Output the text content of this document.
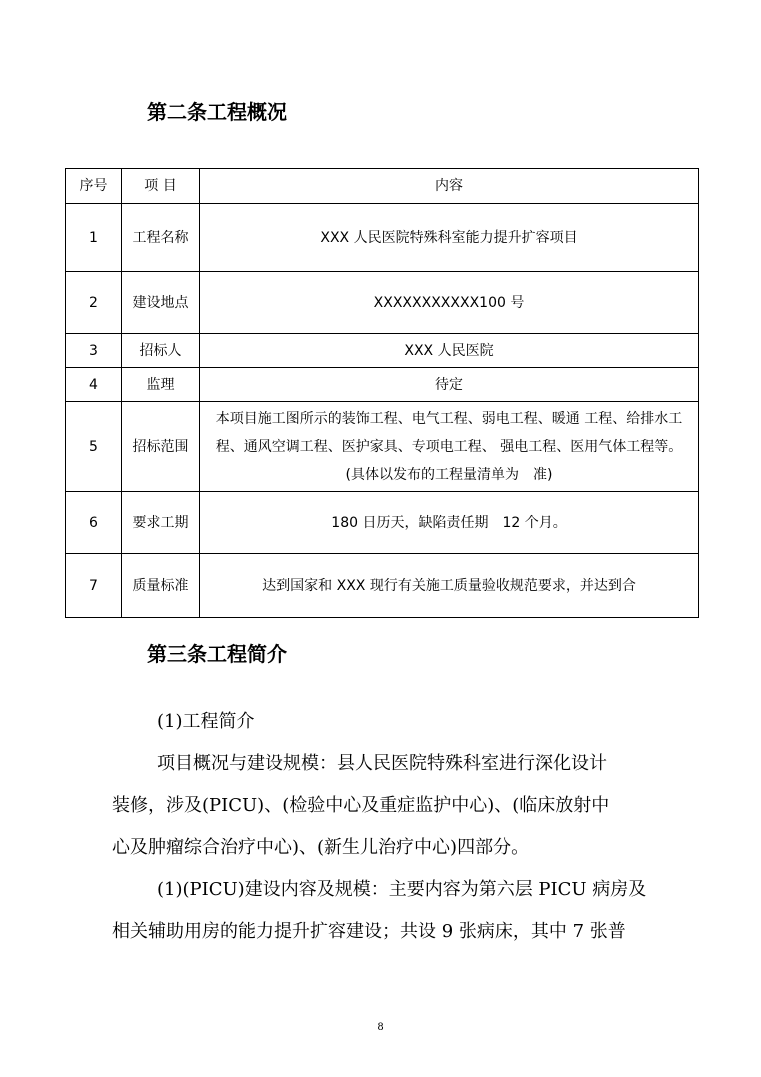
第二条工程概况
序号	项 目	内容
1	工程名称	XXX 人民医院特殊科室能力提升扩容项目
2	建设地点	XXXXXXXXXXX100 号
3	招标人	XXX 人民医院
4	监理	待定
5	招标范围	本项目施工图所示的装饰工程、电气工程、弱电工程、暖通 工程、给排水工程、通风空调工程、医护家具、专项电工程、 强电工程、医用气体工程等。(具体以发布的工程量清单为　准)
6	要求工期	180 日历天，缺陷责任期　12 个月。
7	质量标准	达到国家和 XXX 现行有关施工质量验收规范要求，并达到合
第三条工程简介
(1)工程简介
项目概况与建设规模：县人民医院特殊科室进行深化设计
装修，涉及(PICU)、(检验中心及重症监护中心)、(临床放射中
心及肿瘤综合治疗中心)、(新生儿治疗中心)四部分。
(1)(PICU)建设内容及规模：主要内容为第六层 PICU 病房及
相关辅助用房的能力提升扩容建设；共设 9 张病床，其中 7 张普
8
